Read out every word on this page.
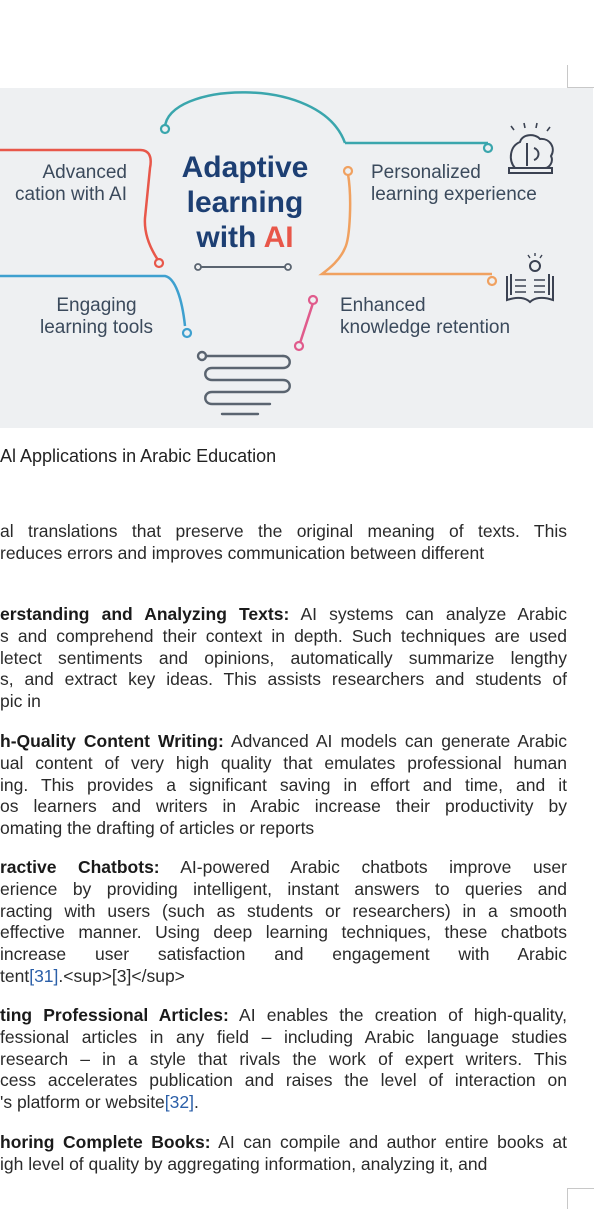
Advanced
cation with AI
Personalized
learning experience
Engaging
learning tools
Enhanced
knowledge retention
Adaptive
learning
with AI
Al Applications in Arabic Education
al translations that preserve the original meaning of texts. This
reduces errors and improves communication between different
erstanding and Analyzing Texts: AI systems can analyze Arabic
s and comprehend their context in depth. Such techniques are used
letect sentiments and opinions, automatically summarize lengthy
s, and extract key ideas. This assists researchers and students of
pic in
h-Quality Content Writing: Advanced AI models can generate Arabic
ual content of very high quality that emulates professional human
ing. This provides a significant saving in effort and time, and it
os learners and writers in Arabic increase their productivity by
omating the drafting of articles or reports
ractive Chatbots: AI-powered Arabic chatbots improve user
erience by providing intelligent, instant answers to queries and
racting with users (such as students or researchers) in a smooth
effective manner. Using deep learning techniques, these chatbots
increase user satisfaction and engagement with Arabic
tent[31].<sup>[3]</sup>
ting Professional Articles: AI enables the creation of high-quality,
fessional articles in any field – including Arabic language studies
research – in a style that rivals the work of expert writers. This
cess accelerates publication and raises the level of interaction on
's platform or website[32].
horing Complete Books: AI can compile and author entire books at
igh level of quality by aggregating information, analyzing it, and
